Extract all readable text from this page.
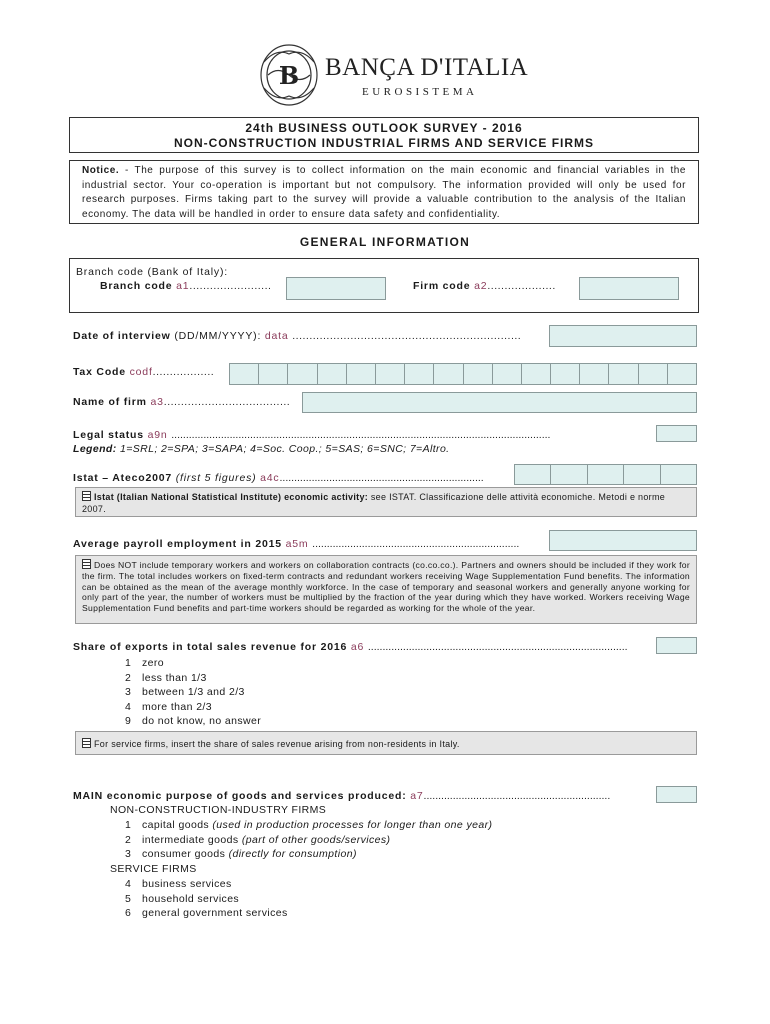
B BANÇA D'ITALIA
EUROSISTEMA
24th BUSINESS OUTLOOK SURVEY - 2016
NON-CONSTRUCTION INDUSTRIAL FIRMS AND SERVICE FIRMS
Notice. - The purpose of this survey is to collect information on the main economic and financial variables in the industrial sector. Your co-operation is important but not compulsory. The information provided will only be used for research purposes. Firms taking part to the survey will provide a valuable contribution to the analysis of the Italian economy. The data will be handled in order to ensure data safety and confidentiality.
GENERAL INFORMATION
Branch code (Bank of Italy):
Branch code a1........................	Firm code a2....................
Date of interview (DD/MM/YYYY): data ...................................................................
Tax Code codf..................
Name of firm a3.....................................
Legal status a9n ..................................................................................................................................
Legend: 1=SRL; 2=SPA; 3=SAPA; 4=Soc. Coop.; 5=SAS; 6=SNC; 7=Altro.
Istat – Ateco2007 (first 5 figures) a4c......................................................................
Istat (Italian National Statistical Institute) economic activity: see ISTAT. Classificazione delle attività economiche. Metodi e norme 2007.
Average payroll employment in 2015 a5m .......................................................................
Does NOT include temporary workers and workers on collaboration contracts (co.co.co.). Partners and owners should be included if they work for the firm. The total includes workers on fixed-term contracts and redundant workers receiving Wage Supplementation Fund benefits. The information can be obtained as the mean of the average monthly workforce. In the case of temporary and seasonal workers and generally anyone working for only part of the year, the number of workers must be multiplied by the fraction of the year during which they have worked. Workers receiving Wage Supplementation Fund benefits and part-time workers should be regarded as working for the whole of the year.
Share of exports in total sales revenue for 2016 a6 .........................................................................................
1 zero
2 less than 1/3
3 between 1/3 and 2/3
4 more than 2/3
9 do not know, no answer
For service firms, insert the share of sales revenue arising from non-residents in Italy.
MAIN economic purpose of goods and services produced: a7................................................................
NON-CONSTRUCTION-INDUSTRY FIRMS
1 capital goods (used in production processes for longer than one year)
2 intermediate goods (part of other goods/services)
3 consumer goods (directly for consumption)
SERVICE FIRMS
4 business services
5 household services
6 general government services
